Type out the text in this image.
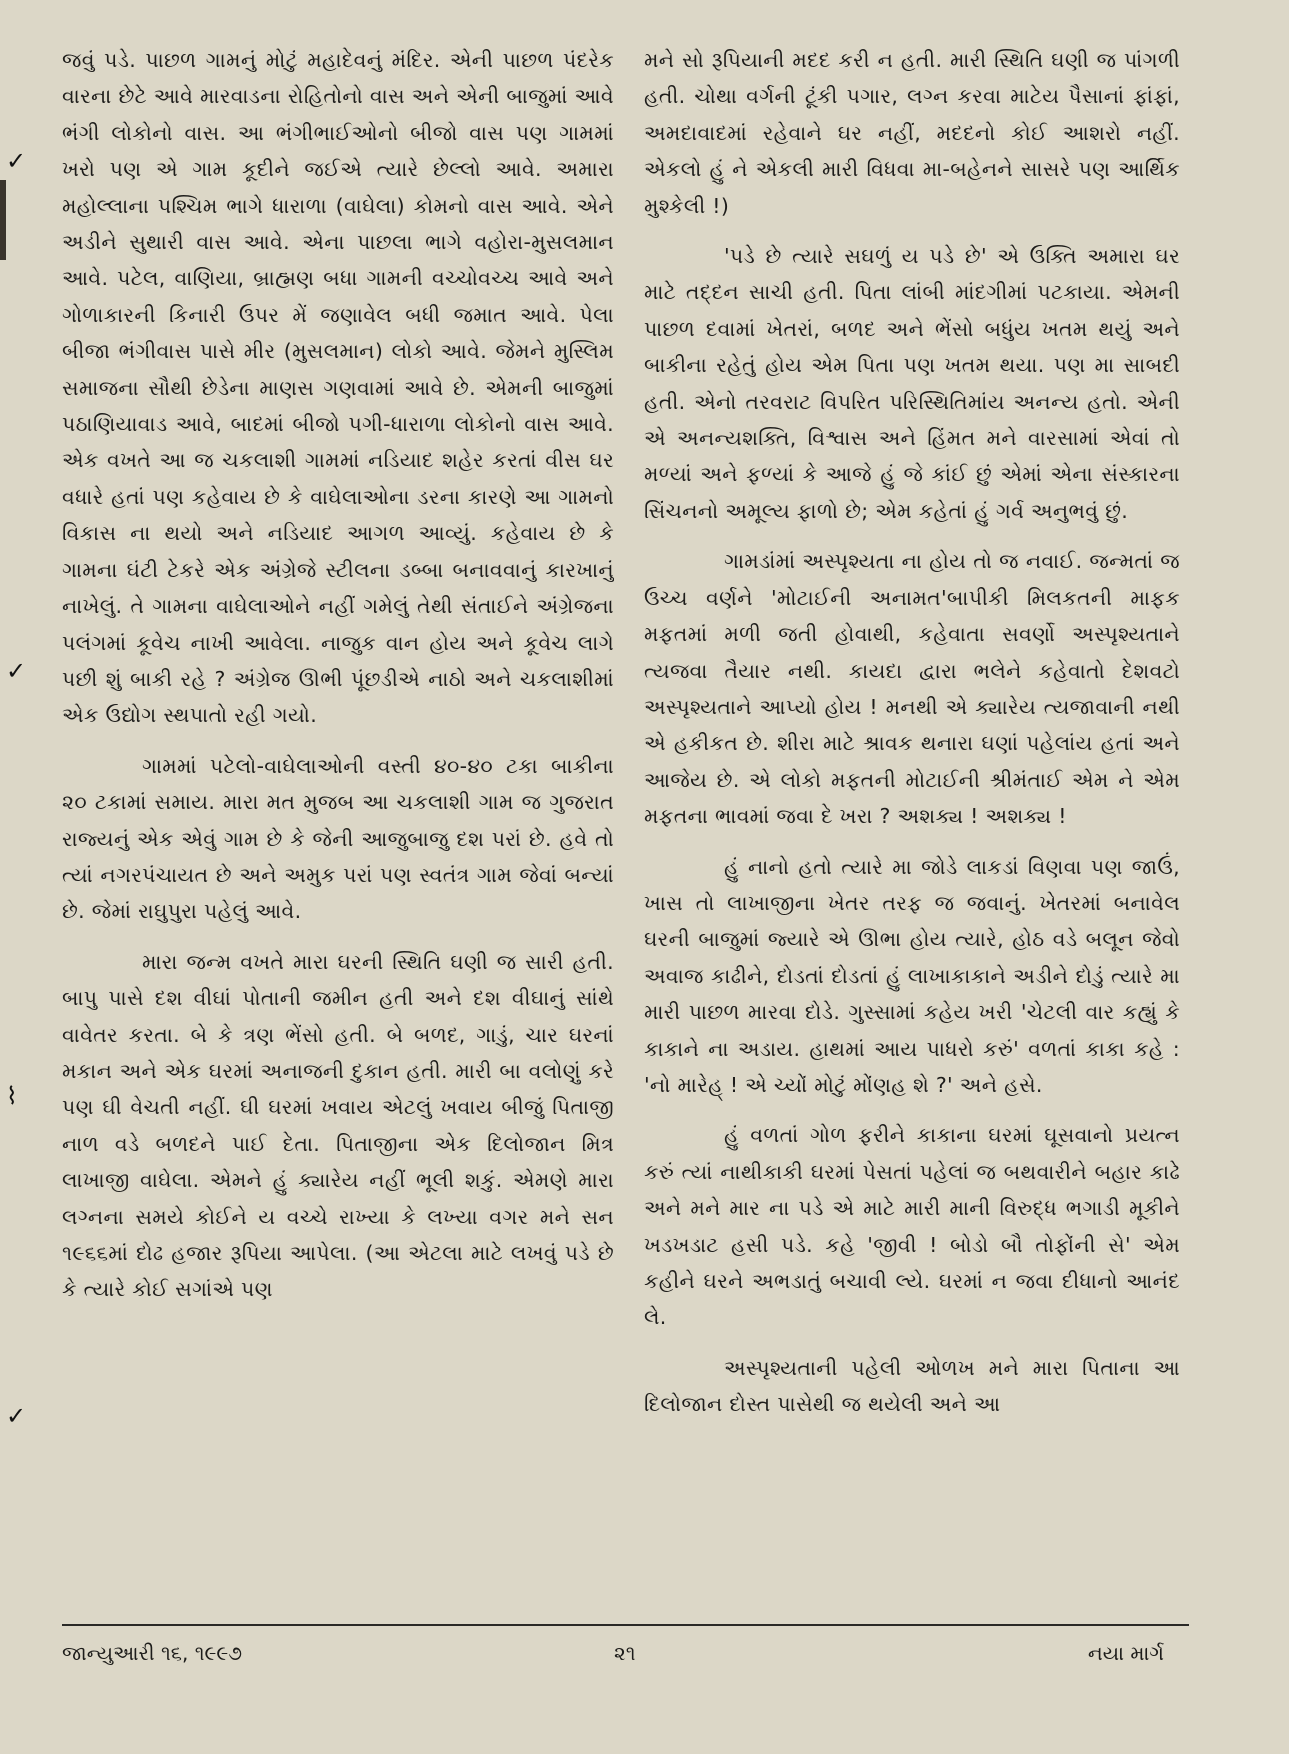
✓
✓
⌇
✓

જવું પડે. પાછળ ગામનું મોટું મહાદેવનું મંદિર. એની પાછળ પંદરેક વારના છેટે આવે મારવાડના રોહિતોનો વાસ અને એની બાજુમાં આવે ભંગી લોકોનો વાસ. આ ભંગીભાઈઓનો બીજો વાસ પણ ગામમાં ખરો પણ એ ગામ કૂદીને જઈએ ત્યારે છેલ્લો આવે. અમારા મહોલ્લાના પશ્ચિમ ભાગે ધારાળા (વાઘેલા) કોમનો વાસ આવે. એને અડીને સુથારી વાસ આવે. એના પાછલા ભાગે વહોરા-મુસલમાન આવે. પટેલ, વાણિયા, બ્રાહ્મણ બધા ગામની વચ્ચોવચ્ચ આવે અને ગોળાકારની કિનારી ઉપર મેં જણાવેલ બધી જમાત આવે. પેલા બીજા ભંગીવાસ પાસે મીર (મુસલમાન) લોકો આવે. જેમને મુસ્લિમ સમાજના સૌથી છેડેના માણસ ગણવામાં આવે છે. એમની બાજુમાં પઠાણિયાવાડ આવે, બાદમાં બીજો પગી-ધારાળા લોકોનો વાસ આવે. એક વખતે આ જ ચકલાશી ગામમાં નડિયાદ શહેર કરતાં વીસ ઘર વધારે હતાં પણ કહેવાય છે કે વાઘેલાઓના ડરના કારણે આ ગામનો વિકાસ ના થયો અને નડિયાદ આગળ આવ્યું. કહેવાય છે કે ગામના ઘંટી ટેકરે એક અંગ્રેજે સ્ટીલના ડબ્બા બનાવવાનું કારખાનું નાખેલું. તે ગામના વાઘેલાઓને નહીં ગમેલું તેથી સંતાઈને અંગ્રેજના પલંગમાં કૂવેચ નાખી આવેલા. નાજુક વાન હોય અને કૂવેચ લાગે પછી શું બાકી રહે ? અંગ્રેજ ઊભી પૂંછડીએ નાઠો અને ચકલાશીમાં એક ઉદ્યોગ સ્થપાતો રહી ગયો.

ગામમાં પટેલો-વાઘેલાઓની વસ્તી ૪૦-૪૦ ટકા બાકીના ૨૦ ટકામાં સમાય. મારા મત મુજબ આ ચકલાશી ગામ જ ગુજરાત રાજ્યનું એક એવું ગામ છે કે જેની આજુબાજુ દશ પરાં છે. હવે તો ત્યાં નગરપંચાયત છે અને અમુક પરાં પણ સ્વતંત્ર ગામ જેવાં બન્યાં છે. જેમાં રાઘુપુરા પહેલું આવે.

મારા જન્મ વખતે મારા ઘરની સ્થિતિ ઘણી જ સારી હતી. બાપુ પાસે દશ વીઘાં પોતાની જમીન હતી અને દશ વીઘાનું સાંથે વાવેતર કરતા. બે કે ત્રણ ભેંસો હતી. બે બળદ, ગાડું, ચાર ઘરનાં મકાન અને એક ઘરમાં અનાજની દુકાન હતી. મારી બા વલોણું કરે પણ ઘી વેચતી નહીં. ઘી ઘરમાં ખવાય એટલું ખવાય બીજું પિતાજી નાળ વડે બળદને પાઈ દેતા. પિતાજીના એક દિલોજાન મિત્ર લાખાજી વાઘેલા. એમને હું ક્યારેય નહીં ભૂલી શકું. એમણે મારા લગ્નના સમયે કોઈને ય વચ્ચે રાખ્યા કે લખ્યા વગર મને સન ૧૯૬૬માં દોઢ હજાર રૂપિયા આપેલા. (આ એટલા માટે લખવું પડે છે કે ત્યારે કોઈ સગાંએ પણ

મને સો રૂપિયાની મદદ કરી ન હતી. મારી સ્થિતિ ઘણી જ પાંગળી હતી. ચોથા વર્ગની ટૂંકી પગાર, લગ્ન કરવા માટેય પૈસાનાં ફાંફાં, અમદાવાદમાં રહેવાને ઘર નહીં, મદદનો કોઈ આશરો નહીં. એકલો હું ને એકલી મારી વિધવા મા-બહેનને સાસરે પણ આર્થિક મુશ્કેલી !)

'પડે છે ત્યારે સઘળું ય પડે છે' એ ઉક્તિ અમારા ઘર માટે તદ્દન સાચી હતી. પિતા લાંબી માંદગીમાં પટકાયા. એમની પાછળ દવામાં ખેતરાં, બળદ અને ભેંસો બધુંય ખતમ થયું અને બાકીના રહેતું હોય એમ પિતા પણ ખતમ થયા. પણ મા સાબદી હતી. એનો તરવરાટ વિપરિત પરિસ્થિતિમાંય અનન્ય હતો. એની એ અનન્યશક્તિ, વિશ્વાસ અને હિંમત મને વારસામાં એવાં તો મળ્યાં અને ફળ્યાં કે આજે હું જે કાંઈ છું એમાં એના સંસ્કારના સિંચનનો અમૂલ્ય ફાળો છે; એમ કહેતાં હું ગર્વ અનુભવું છું.

ગામડાંમાં અસ્પૃશ્યતા ના હોય તો જ નવાઈ. જન્મતાં જ ઉચ્ચ વર્ણને 'મોટાઈની અનામત'બાપીકી મિલકતની માફક મફતમાં મળી જતી હોવાથી, કહેવાતા સવર્ણો અસ્પૃશ્યતાને ત્યજવા તૈયાર નથી. કાયદા દ્વારા ભલેને કહેવાતો દેશવટો અસ્પૃશ્યતાને આપ્યો હોય ! મનથી એ ક્યારેય ત્યજાવાની નથી એ હકીકત છે. શીરા માટે શ્રાવક થનારા ઘણાં પહેલાંય હતાં અને આજેય છે. એ લોકો મફતની મોટાઈની શ્રીમંતાઈ એમ ને એમ મફતના ભાવમાં જવા દે ખરા ? અશક્ય ! અશક્ય !

હું નાનો હતો ત્યારે મા જોડે લાકડાં વિણવા પણ જાઉં, ખાસ તો લાખાજીના ખેતર તરફ જ જવાનું. ખેતરમાં બનાવેલ ઘરની બાજુમાં જ્યારે એ ઊભા હોય ત્યારે, હોઠ વડે બલૂન જેવો અવાજ કાઢીને, દોડતાં દોડતાં હું લાખાકાકાને અડીને દોડું ત્યારે મા મારી પાછળ મારવા દોડે. ગુસ્સામાં કહેય ખરી 'ચેટલી વાર કહ્યું કે કાકાને ના અડાય. હાથમાં આય પાધરો કરું' વળતાં કાકા કહે : 'નો મારેહ્ ! એ ચ્યોં મોટું મોંણહ શે ?' અને હસે.

હું વળતાં ગોળ ફરીને કાકાના ઘરમાં ઘૂસવાનો પ્રયત્ન કરું ત્યાં નાથીકાકી ઘરમાં પેસતાં પહેલાં જ બથવારીને બહાર કાઢે અને મને માર ના પડે એ માટે મારી માની વિરુદ્ધ ભગાડી મૂકીને ખડખડાટ હસી પડે. કહે 'જીવી ! બોડો બૌ તોફોંની સે' એમ કહીને ઘરને અભડાતું બચાવી લ્યે. ઘરમાં ન જવા દીધાનો આનંદ લે.

અસ્પૃશ્યતાની પહેલી ઓળખ મને મારા પિતાના આ દિલોજાન દોસ્ત પાસેથી જ થયેલી અને આ

જાન્યુઆરી ૧૬, ૧૯૯૭	૨૧	નયા માર્ગ
